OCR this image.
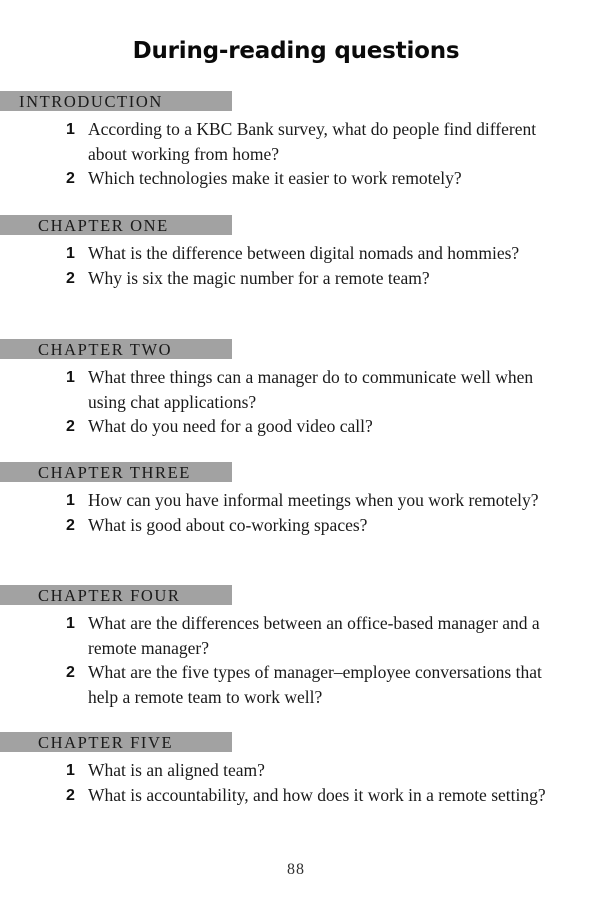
During-reading questions
INTRODUCTION
1 According to a KBC Bank survey, what do people find different about working from home?
2 Which technologies make it easier to work remotely?
CHAPTER ONE
1 What is the difference between digital nomads and hommies?
2 Why is six the magic number for a remote team?
CHAPTER TWO
1 What three things can a manager do to communicate well when using chat applications?
2 What do you need for a good video call?
CHAPTER THREE
1 How can you have informal meetings when you work remotely?
2 What is good about co-working spaces?
CHAPTER FOUR
1 What are the differences between an office-based manager and a remote manager?
2 What are the five types of manager–employee conversations that help a remote team to work well?
CHAPTER FIVE
1 What is an aligned team?
2 What is accountability, and how does it work in a remote setting?
88
